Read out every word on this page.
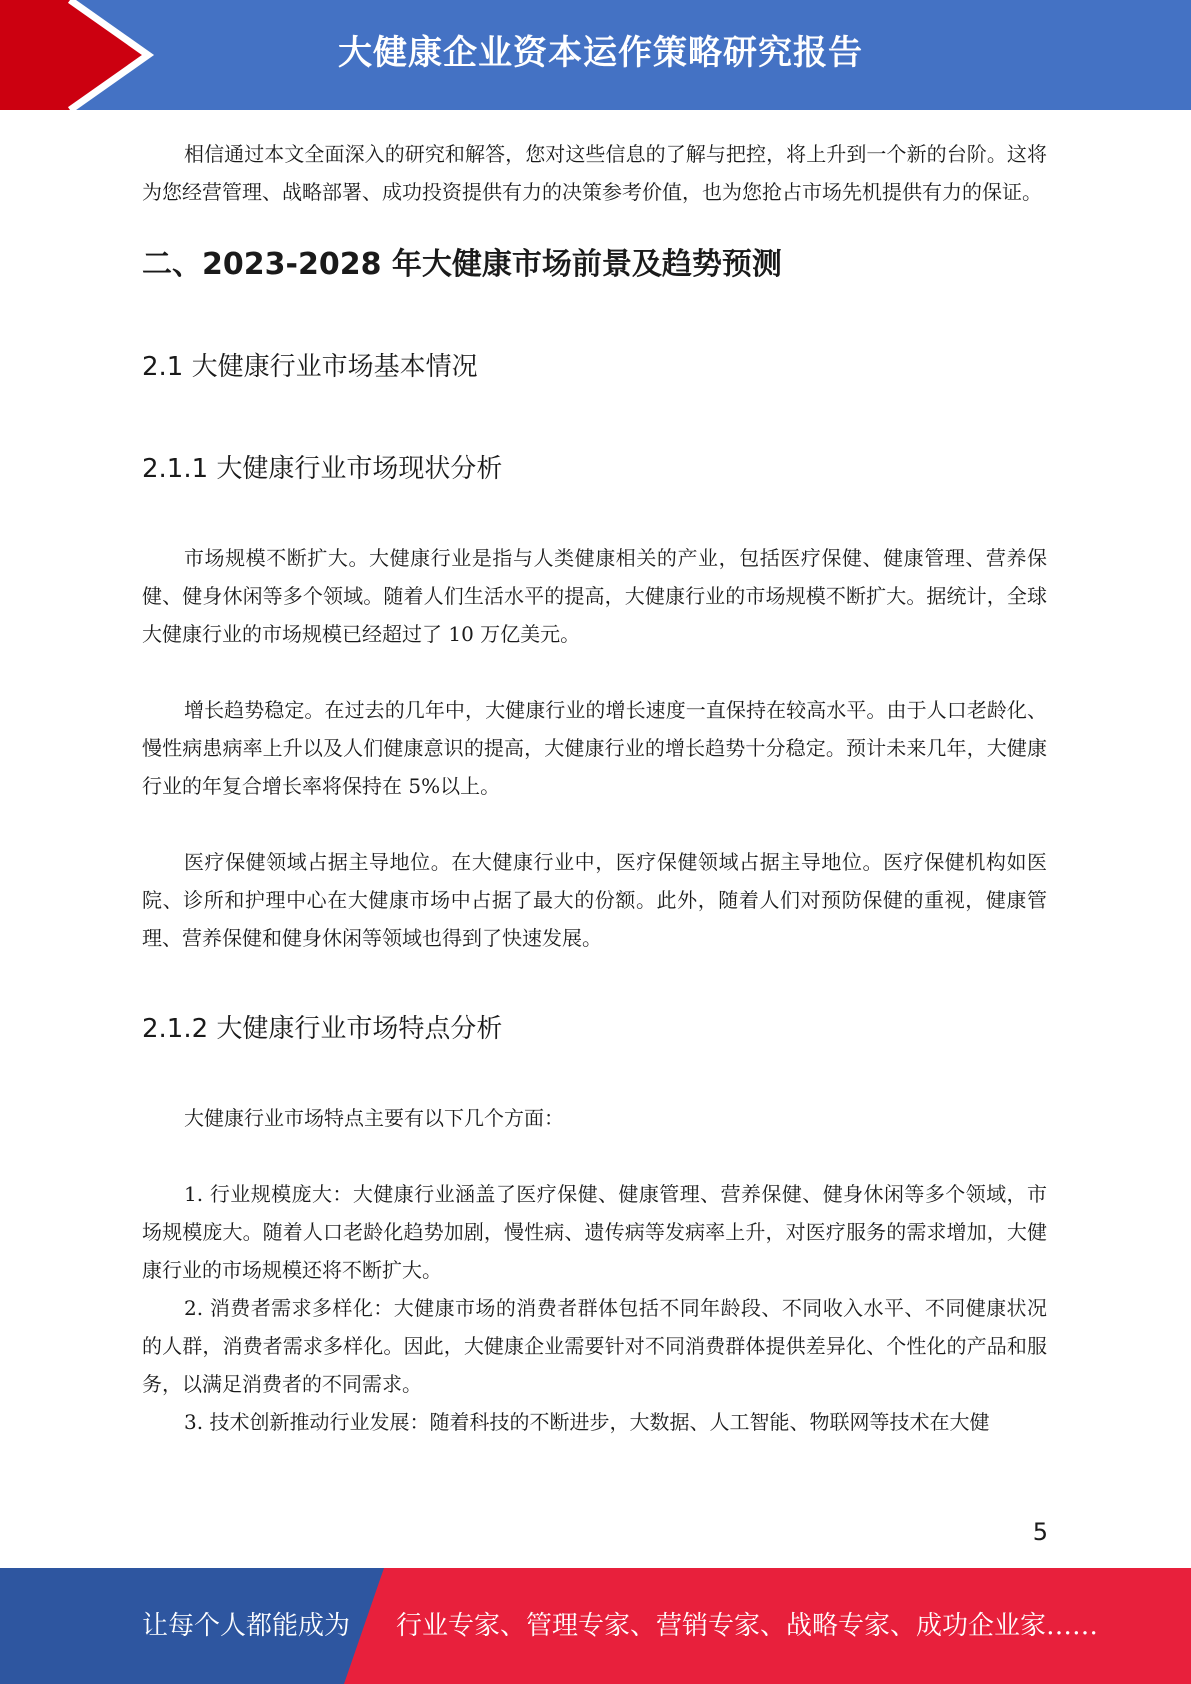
大健康企业资本运作策略研究报告

相信通过本文全面深入的研究和解答，您对这些信息的了解与把控，将上升到一个新的台阶。这将为您经营管理、战略部署、成功投资提供有力的决策参考价值，也为您抢占市场先机提供有力的保证。

二、2023-2028 年大健康市场前景及趋势预测
2.1 大健康行业市场基本情况
2.1.1 大健康行业市场现状分析

市场规模不断扩大。大健康行业是指与人类健康相关的产业，包括医疗保健、健康管理、营养保健、健身休闲等多个领域。随着人们生活水平的提高，大健康行业的市场规模不断扩大。据统计，全球大健康行业的市场规模已经超过了 10 万亿美元。

增长趋势稳定。在过去的几年中，大健康行业的增长速度一直保持在较高水平。由于人口老龄化、慢性病患病率上升以及人们健康意识的提高，大健康行业的增长趋势十分稳定。预计未来几年，大健康行业的年复合增长率将保持在 5%以上。

医疗保健领域占据主导地位。在大健康行业中，医疗保健领域占据主导地位。医疗保健机构如医院、诊所和护理中心在大健康市场中占据了最大的份额。此外，随着人们对预防保健的重视，健康管理、营养保健和健身休闲等领域也得到了快速发展。

2.1.2 大健康行业市场特点分析

大健康行业市场特点主要有以下几个方面：

1. 行业规模庞大：大健康行业涵盖了医疗保健、健康管理、营养保健、健身休闲等多个领域，市场规模庞大。随着人口老龄化趋势加剧，慢性病、遗传病等发病率上升，对医疗服务的需求增加，大健康行业的市场规模还将不断扩大。

2. 消费者需求多样化：大健康市场的消费者群体包括不同年龄段、不同收入水平、不同健康状况的人群，消费者需求多样化。因此，大健康企业需要针对不同消费群体提供差异化、个性化的产品和服务，以满足消费者的不同需求。

3. 技术创新推动行业发展：随着科技的不断进步，大数据、人工智能、物联网等技术在大健

5
让每个人都能成为 行业专家、管理专家、营销专家、战略专家、成功企业家……
